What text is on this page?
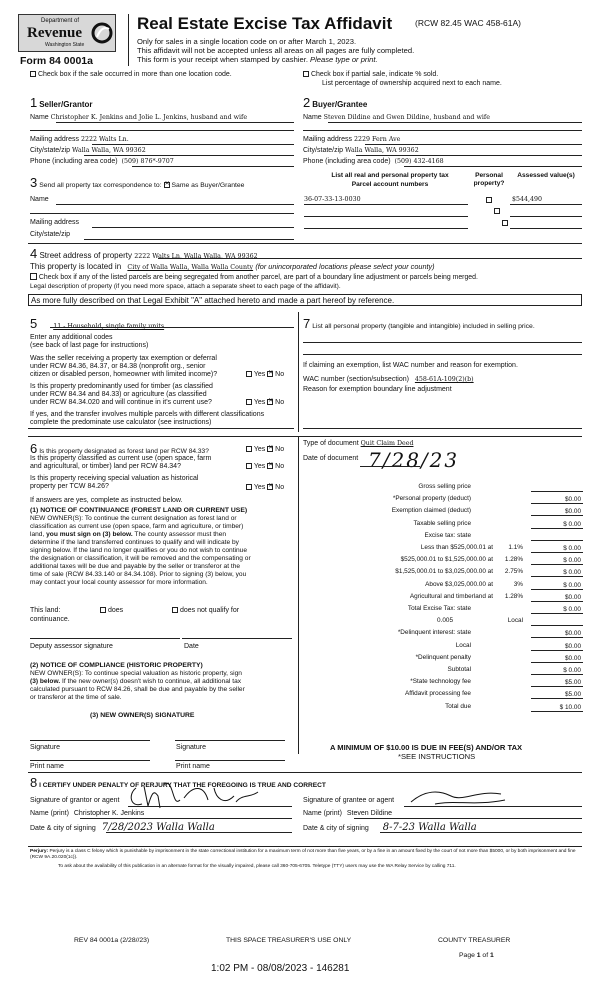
Department of
Revenue
Washington State
Form 84 0001a
Real Estate Excise Tax Affidavit	(RCW 82.45 WAC 458-61A)
Only for sales in a single location code on or after March 1, 2023.
This affidavit will not be accepted unless all areas on all pages are fully completed.
This form is your receipt when stamped by cashier. Please type or print.
Check box if the sale occurred in more than one location code.	Check box if partial sale, indicate % sold.
List percentage of ownership acquired next to each name.
1 Seller/Grantor
Name Christopher K. Jenkins and Jolie L. Jenkins, husband and wife
Mailing address 2222 Walts Ln.
City/state/zip Walla Walla, WA 99362
Phone (including area code) (509) 876*-9707
2 Buyer/Grantee
Name Steven Dildine and Gwen Dildine, husband and wife
Mailing address 2229 Fern Ave
City/state/zip Walla Walla, WA 99362
Phone (including area code) (509) 432-4168
3 Send all property tax correspondence to: ✕ Same as Buyer/Grantee
Name
Mailing address
City/state/zip
List all real and personal property tax
Parcel account numbers
Personal property?
Assessed value(s)
36-07-33-13-0030
	$544,490
4 Street address of property 2222 Walts Ln, Walla Walla, WA 99362
This property is located in City of Walla Walla, Walla Walla County (for unincorporated locations please select your county)
Check box if any of the listed parcels are being segregated from another parcel, are part of a boundary line adjustment or parcels being merged.
Legal description of property (if you need more space, attach a separate sheet to each page of the affidavit).
As more fully described on that Legal Exhibit "A" attached hereto and made a part hereof by reference.
5	11 - Household, single family units
Enter any additional codes
(see back of last page for instructions)
Was the seller receiving a property tax exemption or deferral
under RCW 84.36, 84.37, or 84.38 (nonprofit org., senior
citizen or disabled person, homeowner with limited income)?	Yes ✕ No
Is this property predominantly used for timber (as classified
under RCW 84.34 and 84.33) or agriculture (as classified
under RCW 84.34.020 and will continue in it's current use?	Yes ✕ No
If yes, and the transfer involves multiple parcels with different classifications
complete the predominate use calculator (see instructions)
7 List all personal property (tangible and intangible) included in selling price.
If claiming an exemption, list WAC number and reason for exemption.
WAC number (section/subsection) 458-61A-109(2)(b)
Reason for exemption boundary line adjustment
6 Is this property designated as forest land per RCW 84.33?	Yes ✕ No
Is this property classified as current use (open space, farm
and agricultural, or timber) land per RCW 84.34?	Yes ✕ No
Is this property receiving special valuation as historical
property per TCW 84.26?	Yes ✕ No
If answers are yes, complete as instructed below.
(1) NOTICE OF CONTINUANCE (FOREST LAND OR CURRENT USE)
NEW OWNER(S): To continue the current designation as forest land or
classification as current use (open space, farm and agriculture, or timber)
land, you must sign on (3) below. The county assessor must then
determine if the land transferred continues to qualify and will indicate by
signing below. If the land no longer qualifies or you do not wish to continue
the designation or classification, it will be removed and the compensating or
additional taxes will be due and payable by the seller or transferor at the
time of sale (RCW 84.33.140 or 84.34.108). Prior to signing (3) below, you
may contact your local county assessor for more information.
This land:
continuance.
does	does not qualify for
Deputy assessor signature	Date
(2) NOTICE OF COMPLIANCE (HISTORIC PROPERTY)
NEW OWNER(S): To continue special valuation as historic property, sign
(3) below. If the new owner(s) doesn't wish to continue, all additional tax
calculated pursuant to RCW 84.26, shall be due and payable by the seller
or transferor at the time of sale.
(3) NEW OWNER(S) SIGNATURE
Signature	Signature
Print name	Print name
Type of document Quit Claim Deed
Date of document 7/28/23
Gross selling price
*Personal property (deduct)	$0.00
Exemption claimed (deduct)	$0.00
Taxable selling price	$ 0.00
Excise tax: state
Less than $525,000.01 at 1.1%	$ 0.00
$525,000.01 to $1,525,000.00 at 1.28%	$ 0.00
$1,525,000.01 to $3,025,000.00 at 2.75%	$ 0.00
Above $3,025,000.00 at	3%	$ 0.00
Agricultural and timberland at 1.28%	$0.00
Total Excise Tax: state	$ 0.00
Local
0.005
*Delinquent interest: state	$0.00
Local	$0.00
*Delinquent penalty	$0.00
Subtotal	$ 0.00
*State technology fee	$5.00
Affidavit processing fee	$5.00
Total due	$ 10.00
A MINIMUM OF $10.00 IS DUE IN FEE(S) AND/OR TAX
*SEE INSTRUCTIONS
8 I CERTIFY UNDER PENALTY OF PERJURY THAT THE FOREGOING IS TRUE AND CORRECT
Signature of grantor or agent
Name (print) Christopher K. Jenkins
Date & city of signing 7/28/2023 Walla Walla
Signature of grantee or agent
Name (print) Steven Dildine
Date & city of signing 8-7-23 Walla Walla
Perjury: Perjury is a class C felony which is punishable by imprisonment in the state correctional institution for a maximum term of not more than five years, or by a fine in an amount fixed by the court of not more than $5000, or by both imprisonment and fine (RCW 9A.20.020(1c)).
To ask about the availability of this publication in an alternate format for the visually impaired, please call 360-705-6705. Teletype (TTY) users may use the WA Relay Service by calling 711.
REV 84 0001a (2/28//23)	THIS SPACE TREASURER'S USE ONLY	COUNTY TREASURER
Page 1 of 1
1:02 PM - 08/08/2023 - 146281
